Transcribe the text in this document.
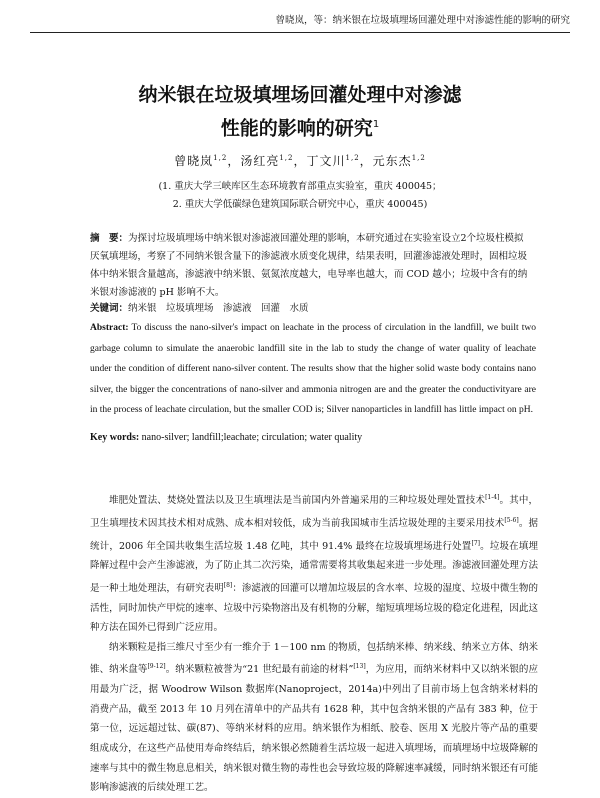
曾晓岚，等：纳米银在垃圾填埋场回灌处理中对渗滤性能的影响的研究
纳米银在垃圾填埋场回灌处理中对渗滤
性能的影响的研究$^1$
曾晓岚$^{1,2}$，汤红亮$^{1,2}$，丁文川$^{1,2}$，元东杰$^{1,2}$
(1. 重庆大学三峡库区生态环境教育部重点实验室，重庆 400045；
2. 重庆大学低碳绿色建筑国际联合研究中心，重庆 400045)
摘　要：为探讨垃圾填埋场中纳米银对渗滤液回灌处理的影响，本研究通过在实验室设立2个垃圾柱模拟厌氧填埋场，考察了不同纳米银含量下的渗滤液水质变化规律，结果表明，回灌渗滤液处理时，固相垃圾体中纳米银含量越高，渗滤液中纳米银、氨氮浓度越大，电导率也越大，而 COD 越小；垃圾中含有的纳米银对渗滤液的 pH 影响不大。
关键词：纳米银　垃圾填埋场　渗滤液　回灌　水质
Abstract: To discuss the nano-silver's impact on leachate in the process of circulation in the landfill, we built two garbage column to simulate the anaerobic landfill site in the lab to study the change of water quality of leachate under the condition of different nano-silver content. The results show that the higher solid waste body contains nano silver, the bigger the concentrations of nano-silver and ammonia nitrogen are and the greater the conductivityare are in the process of leachate circulation, but the smaller COD is; Silver nanoparticles in landfill has little impact on pH.
Key words: nano-silver; landfill;leachate; circulation; water quality

堆肥处置法、焚烧处置法以及卫生填埋法是当前国内外普遍采用的三种垃圾处理处置技术[1-4]。其中，卫生填埋技术因其技术相对成熟、成本相对较低，成为当前我国城市生活垃圾处理的主要采用技术[5-6]。据统计，2006 年全国共收集生活垃圾 1.48 亿吨，其中 91.4% 最终在垃圾填埋场进行处置[7]。垃圾在填埋降解过程中会产生渗滤液，为了防止其二次污染，通常需要将其收集起来进一步处理。渗滤液回灌处理方法是一种土地处理法，有研究表明[8]：渗滤液的回灌可以增加垃圾层的含水率、垃圾的湿度、垃圾中微生物的活性，同时加快产甲烷的速率、垃圾中污染物溶出及有机物的分解，缩短填埋场垃圾的稳定化进程，因此这种方法在国外已得到广泛应用。

纳米颗粒是指三维尺寸至少有一维介于 1－100 nm 的物质，包括纳米棒、纳米线、纳米立方体、纳米锥、纳米盘等[9-12]。纳米颗粒被誉为“21 世纪最有前途的材料”[13]，为应用，而纳米材料中又以纳米银的应用最为广泛，据 Woodrow Wilson 数据库(Nanoproject，2014a)中列出了目前市场上包含纳米材料的消费产品，截至 2013 年 10 月列在清单中的产品共有 1628 种，其中包含纳米银的产品有 383 种，位于第一位，远远超过钛、碳(87)、等纳米材料的应用。纳米银作为相纸、胶卷、医用 X 光胶片等产品的重要组成成分，在这些产品使用寿命终结后，纳米银必然随着生活垃圾一起进入填埋场，而填埋场中垃圾降解的速率与其中的微生物息息相关，纳米银对微生物的毒性也会导致垃圾的降解速率减缓，同时纳米银还有可能影响渗滤液的后续处理工艺。
